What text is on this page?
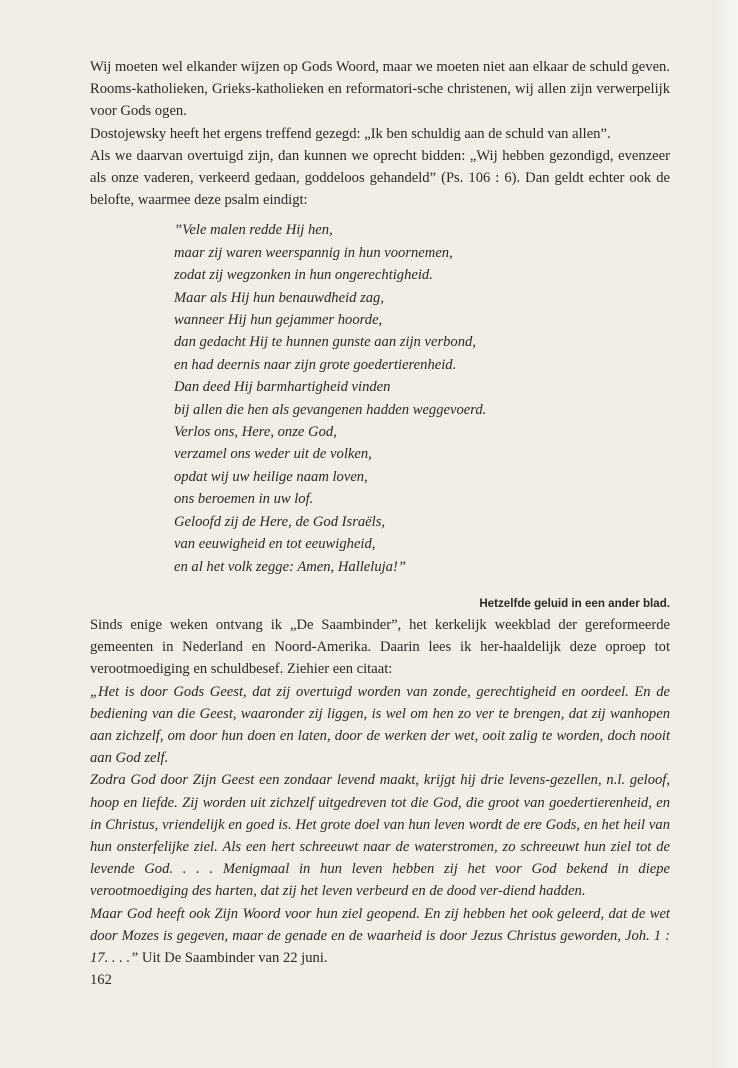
Wij moeten wel elkander wijzen op Gods Woord, maar we moeten niet aan elkaar de schuld geven. Rooms-katholieken, Grieks-katholieken en reformatori-sche christenen, wij allen zijn verwerpelijk voor Gods ogen.

Dostojewsky heeft het ergens treffend gezegd: „Ik ben schuldig aan de schuld van allen”.

Als we daarvan overtuigd zijn, dan kunnen we oprecht bidden: „Wij hebben gezondigd, evenzeer als onze vaderen, verkeerd gedaan, goddeloos gehandeld” (Ps. 106 : 6). Dan geldt echter ook de belofte, waarmee deze psalm eindigt:

”Vele malen redde Hij hen,
maar zij waren weerspannig in hun voornemen,
zodat zij wegzonken in hun ongerechtigheid.
Maar als Hij hun benauwdheid zag,
wanneer Hij hun gejammer hoorde,
dan gedacht Hij te hunnen gunste aan zijn verbond,
en had deernis naar zijn grote goedertierenheid.
Dan deed Hij barmhartigheid vinden
bij allen die hen als gevangenen hadden weggevoerd.
Verlos ons, Here, onze God,
verzamel ons weder uit de volken,
opdat wij uw heilige naam loven,
ons beroemen in uw lof.
Geloofd zij de Here, de God Israëls,
van eeuwigheid en tot eeuwigheid,
en al het volk zegge: Amen, Halleluja!”
Hetzelfde geluid in een ander blad.

Sinds enige weken ontvang ik „De Saambinder”, het kerkelijk weekblad der gereformeerde gemeenten in Nederland en Noord-Amerika. Daarin lees ik her-haaldelijk deze oproep tot verootmoediging en schuldbesef. Ziehier een citaat:

„Het is door Gods Geest, dat zij overtuigd worden van zonde, gerechtigheid en oordeel. En de bediening van die Geest, waaronder zij liggen, is wel om hen zo ver te brengen, dat zij wanhopen aan zichzelf, om door hun doen en laten, door de werken der wet, ooit zalig te worden, doch nooit aan God zelf.

Zodra God door Zijn Geest een zondaar levend maakt, krijgt hij drie levens-gezellen, n.l. geloof, hoop en liefde. Zij worden uit zichzelf uitgedreven tot die God, die groot van goedertierenheid, en in Christus, vriendelijk en goed is. Het grote doel van hun leven wordt de ere Gods, en het heil van hun onsterfelijke ziel. Als een hert schreeuwt naar de waterstromen, zo schreeuwt hun ziel tot de levende God. . . . Menigmaal in hun leven hebben zij het voor God bekend in diepe verootmoediging des harten, dat zij het leven verbeurd en de dood ver-diend hadden.

Maar God heeft ook Zijn Woord voor hun ziel geopend. En zij hebben het ook geleerd, dat de wet door Mozes is gegeven, maar de genade en de waarheid is door Jezus Christus geworden, Joh. 1 : 17. . . .” Uit De Saambinder van 22 juni.

162
